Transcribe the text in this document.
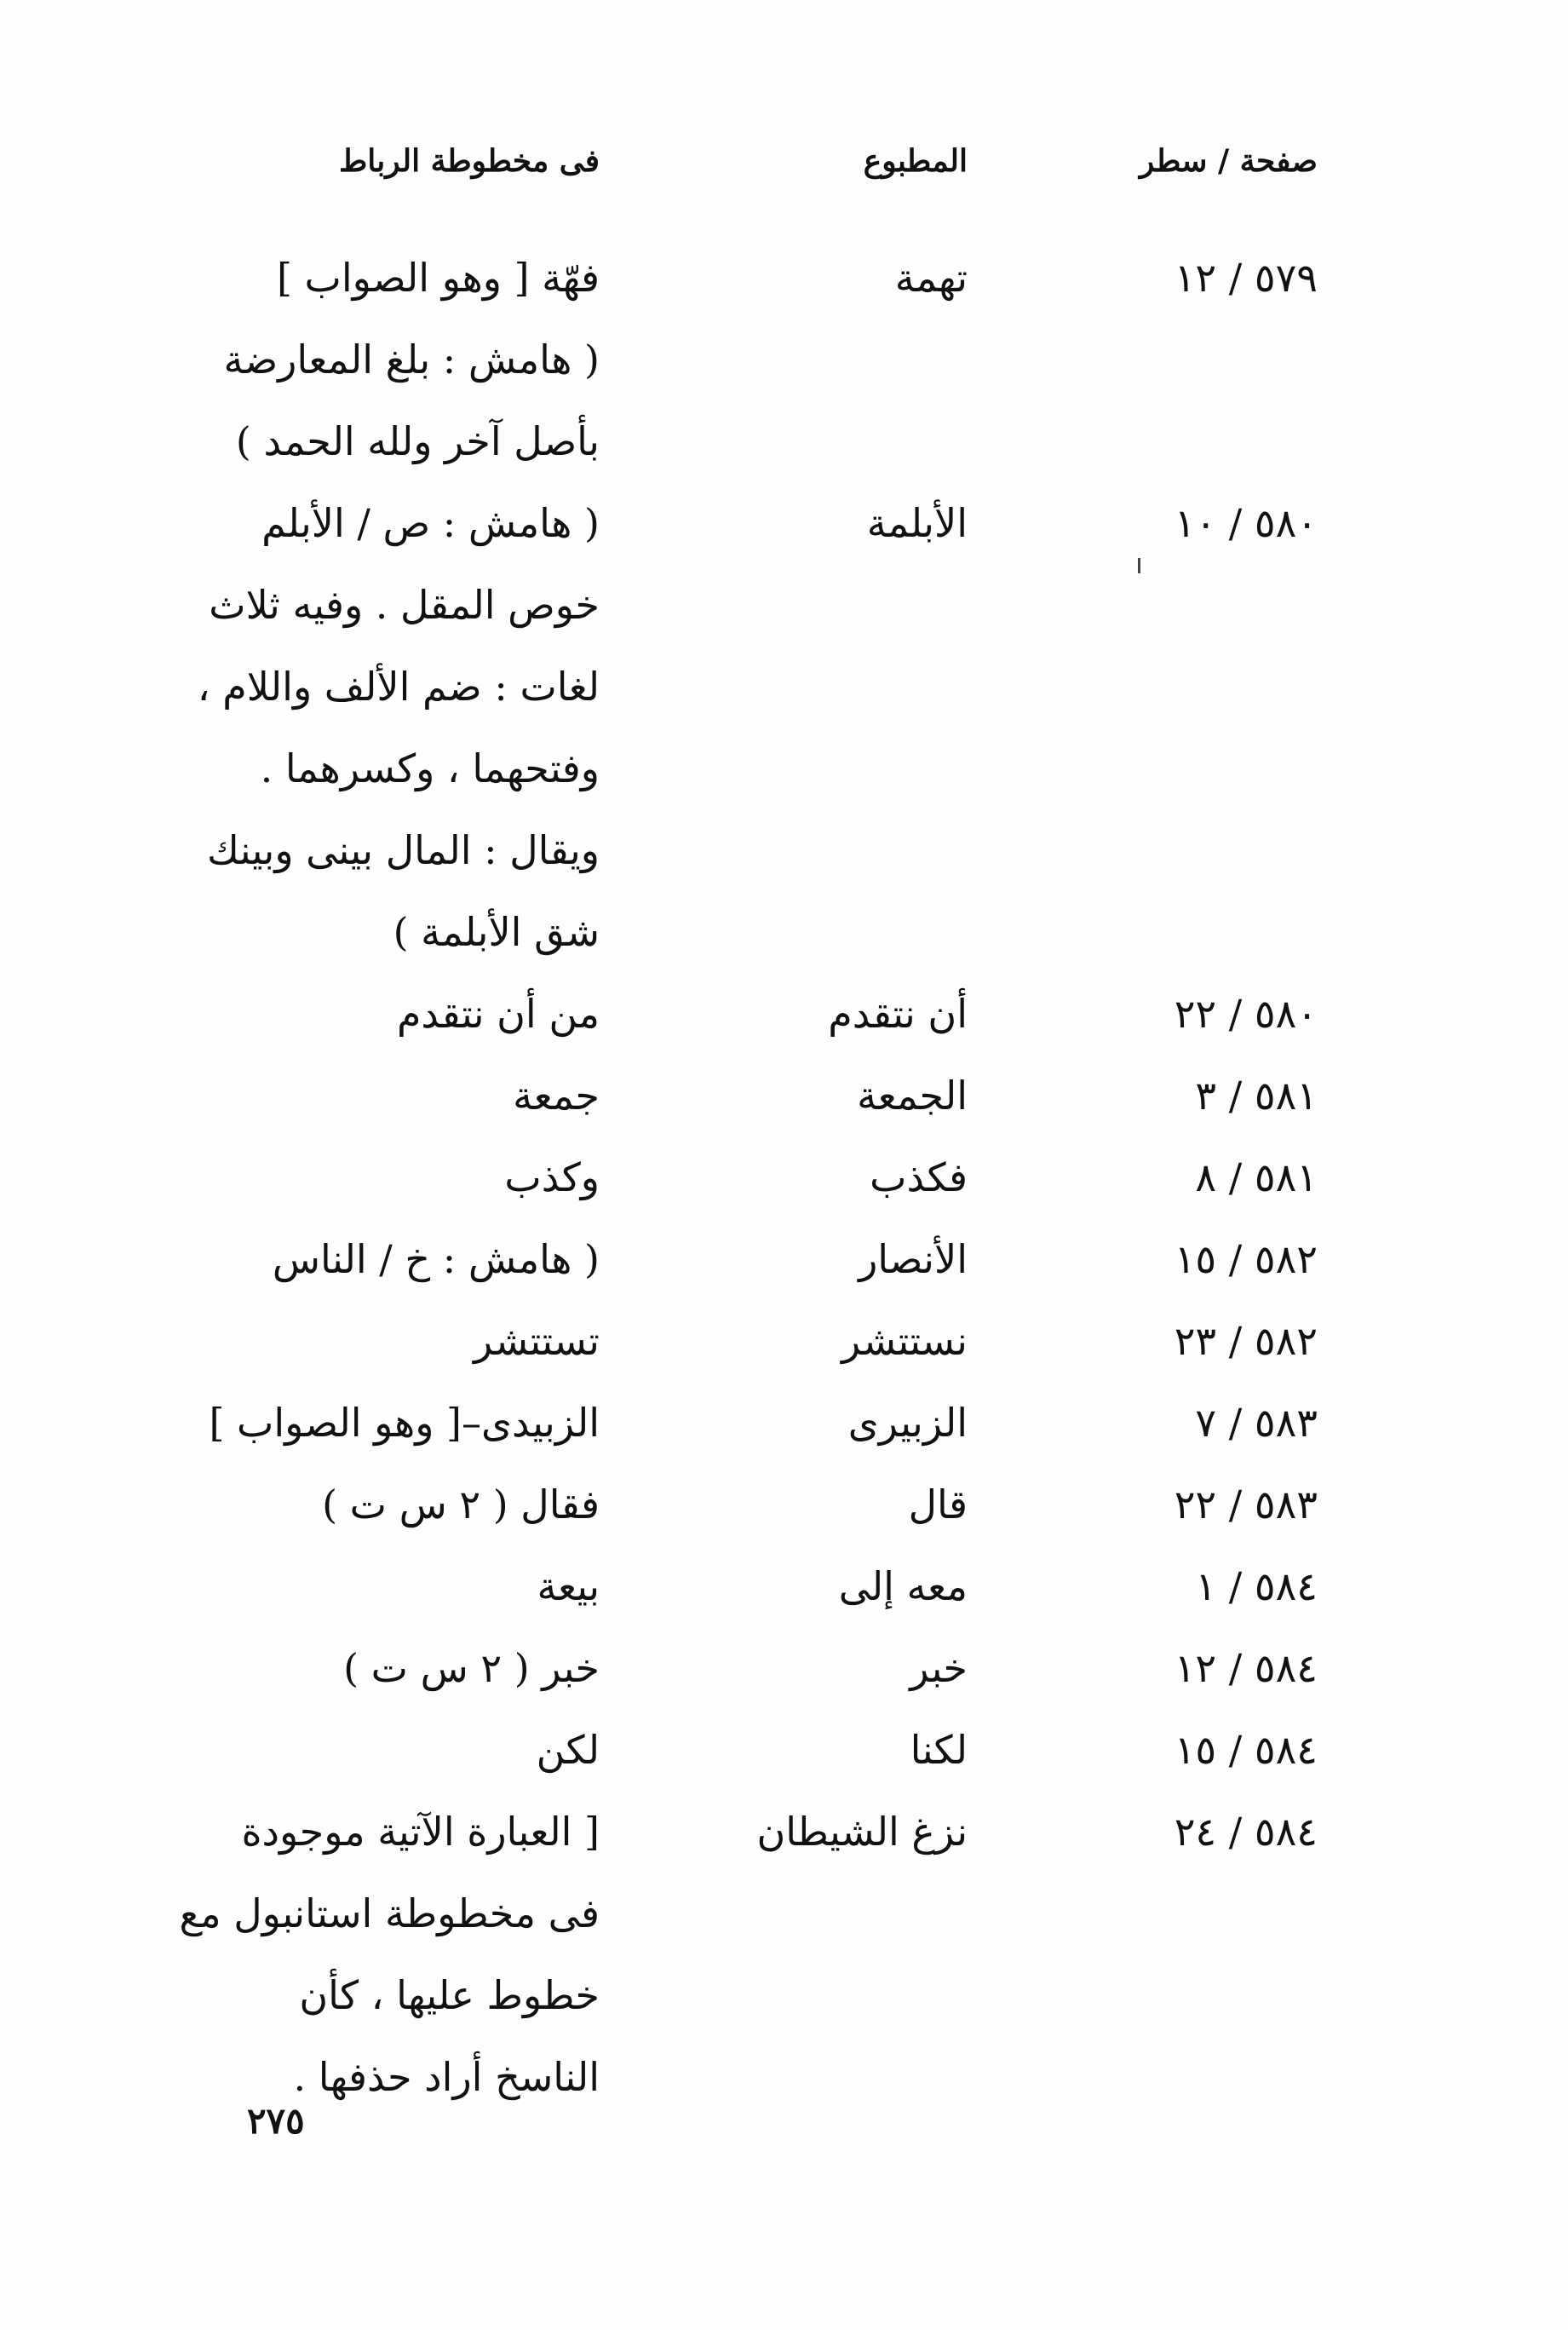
صفحة / سطر
المطبوع
فى مخطوطة الرباط
٥٧٩ / ١٢
تهمة
فهّة [ وهو الصواب ]
( هامش : بلغ المعارضة
بأصل آخر ولله الحمد )
٥٨٠ / ١٠
الأبلمة
( هامش : ص / الأبلم
خوص المقل . وفيه ثلاث
لغات : ضم الألف واللام ،
وفتحهما ، وكسرهما .
ويقال : المال بينى وبينك
شق الأبلمة )
٥٨٠ / ٢٢
أن نتقدم
من أن نتقدم
٥٨١ / ٣
الجمعة
جمعة
٥٨١ / ٨
فكذب
وكذب
٥٨٢ / ١٥
الأنصار
( هامش : خ / الناس
٥٨٢ / ٢٣
نستتشر
تستتشر
٥٨٣ / ٧
الزبيرى
الزبيدى–[ وهو الصواب ]
٥٨٣ / ٢٢
قال
فقال ( ٢ س ت )
٥٨٤ / ١
معه إلى
بيعة
٥٨٤ / ١٢
خبر
خبر ( ٢ س ت )
٥٨٤ / ١٥
لكنا
لكن
٥٨٤ / ٢٤
نزغ الشيطان
[ العبارة الآتية موجودة
فى مخطوطة استانبول مع
خطوط عليها ، كأن
الناسخ أراد حذفها .
٢٧٥
